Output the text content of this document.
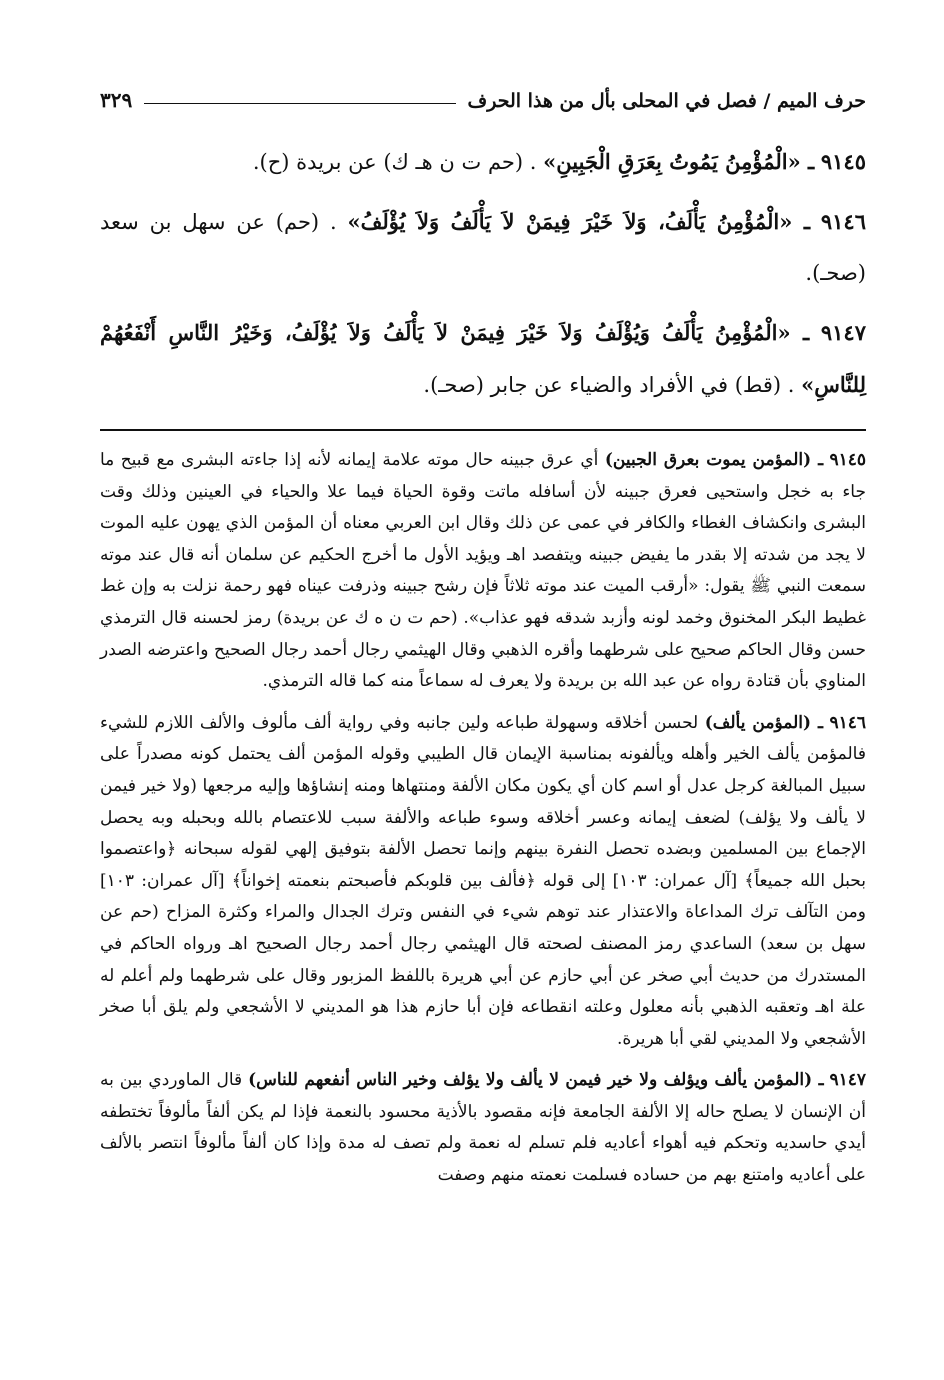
حرف الميم / فصل في المحلى بأل من هذا الحرف
٣٢٩

٩١٤٥ ـ «الْمُؤْمِنُ يَمُوتُ بِعَرَقِ الْجَبِينِ» . (حم ت ن هـ ك) عن بريدة (ح).

٩١٤٦ ـ «الْمُؤْمِنُ يَأْلَفُ، وَلاَ خَيْرَ فِيمَنْ لاَ يَأْلَفُ وَلاَ يُؤْلَفُ» . (حم) عن سهل بن سعد (صحـ).

٩١٤٧ ـ «الْمُؤْمِنُ يَأْلَفُ وَيُؤْلَفُ وَلاَ خَيْرَ فِيمَنْ لاَ يَأْلَفُ وَلاَ يُؤْلَفُ، وَخَيْرُ النَّاسِ أَنْفَعُهُمْ لِلنَّاسِ» . (قط) في الأفراد والضياء عن جابر (صحـ).

٩١٤٥ ـ (المؤمن يموت بعرق الجبين) أي عرق جبينه حال موته علامة إيمانه لأنه إذا جاءته البشرى مع قبيح ما جاء به خجل واستحيى فعرق جبينه لأن أسافله ماتت وقوة الحياة فيما علا والحياء في العينين وذلك وقت البشرى وانكشاف الغطاء والكافر في عمى عن ذلك وقال ابن العربي معناه أن المؤمن الذي يهون عليه الموت لا يجد من شدته إلا بقدر ما يفيض جبينه ويتفصد اهـ ويؤيد الأول ما أخرج الحكيم عن سلمان أنه قال عند موته سمعت النبي ﷺ يقول: «أرقب الميت عند موته ثلاثاً فإن رشح جبينه وذرفت عيناه فهو رحمة نزلت به وإن غط غطيط البكر المخنوق وخمد لونه وأزبد شدقه فهو عذاب». (حم ت ن ه ك عن بريدة) رمز لحسنه قال الترمذي حسن وقال الحاكم صحيح على شرطهما وأقره الذهبي وقال الهيثمي رجال أحمد رجال الصحيح واعترضه الصدر المناوي بأن قتادة رواه عن عبد الله بن بريدة ولا يعرف له سماعاً منه كما قاله الترمذي.

٩١٤٦ ـ (المؤمن يألف) لحسن أخلاقه وسهولة طباعه ولين جانبه وفي رواية ألف مألوف والألف اللازم للشيء فالمؤمن يألف الخير وأهله ويألفونه بمناسبة الإيمان قال الطيبي وقوله المؤمن ألف يحتمل كونه مصدراً على سبيل المبالغة كرجل عدل أو اسم كان أي يكون مكان الألفة ومنتهاها ومنه إنشاؤها وإليه مرجعها (ولا خير فيمن لا يألف ولا يؤلف) لضعف إيمانه وعسر أخلاقه وسوء طباعه والألفة سبب للاعتصام بالله وبحبله وبه يحصل الإجماع بين المسلمين وبضده تحصل النفرة بينهم وإنما تحصل الألفة بتوفيق إلهي لقوله سبحانه ﴿واعتصموا بحبل الله جميعاً﴾ [آل عمران: ١٠٣] إلى قوله ﴿فألف بين قلوبكم فأصبحتم بنعمته إخواناً﴾ [آل عمران: ١٠٣] ومن التآلف ترك المداعاة والاعتذار عند توهم شيء في النفس وترك الجدال والمراء وكثرة المزاح (حم عن سهل بن سعد) الساعدي رمز المصنف لصحته قال الهيثمي رجال أحمد رجال الصحيح اهـ ورواه الحاكم في المستدرك من حديث أبي صخر عن أبي حازم عن أبي هريرة باللفظ المزبور وقال على شرطهما ولم أعلم له علة اهـ وتعقبه الذهبي بأنه معلول وعلته انقطاعه فإن أبا حازم هذا هو المديني لا الأشجعي ولم يلق أبا صخر الأشجعي ولا المديني لقي أبا هريرة.

٩١٤٧ ـ (المؤمن يألف ويؤلف ولا خير فيمن لا يألف ولا يؤلف وخير الناس أنفعهم للناس) قال الماوردي بين به أن الإنسان لا يصلح حاله إلا الألفة الجامعة فإنه مقصود بالأذية محسود بالنعمة فإذا لم يكن ألفاً مألوفاً تختطفه أيدي حاسديه وتحكم فيه أهواء أعاديه فلم تسلم له نعمة ولم تصف له مدة وإذا كان ألفاً مألوفاً انتصر بالألف على أعاديه وامتنع بهم من حساده فسلمت نعمته منهم وصفت
